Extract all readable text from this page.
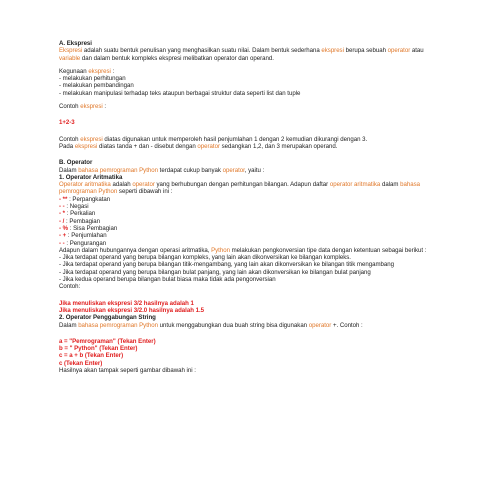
A. Ekspresi

Ekspresi adalah suatu bentuk penulisan yang menghasilkan suatu nilai. Dalam bentuk sederhana ekspresi berupa sebuah operator atau variable dan dalam bentuk kompleks ekspresi melibatkan operator dan operand.

Kegunaan ekspresi :

- melakukan perhitungan

- melakukan pembandingan

- melakukan manipulasi terhadap teks ataupun berbagai struktur data seperti list dan tuple

Contoh ekspresi :

1+2-3

Contoh ekspresi diatas digunakan untuk memperoleh hasil penjumlahan 1 dengan 2 kemudian dikurangi dengan 3.

Pada ekspresi diatas tanda + dan - disebut dengan operator sedangkan 1,2, dan 3 merupakan operand.

B. Operator

Dalam bahasa pemrograman Python terdapat cukup banyak operator, yaitu :

1. Operator Aritmatika

Operator aritmatika adalah operator yang berhubungan dengan perhitungan bilangan. Adapun daftar operator aritmatika dalam bahasa pemrograman Python seperti dibawah ini :

- ** : Perpangkatan

- - : Negasi

- * : Perkalian

- / : Pembagian

- % : Sisa Pembagian

- + : Penjumlahan

- - : Pengurangan

Adapun dalam hubungannya dengan operasi aritmatika, Python melakukan pengkonversian tipe data dengan ketentuan sebagai berikut :

- Jika terdapat operand yang berupa bilangan kompleks, yang lain akan dikonversikan ke bilangan kompleks.

- Jika terdapat operand yang berupa bilangan titik-mengambang, yang lain akan dikonversikan ke bilangan titik mengambang

- Jika terdapat operand yang berupa bilangan bulat panjang, yang lain akan dikonversikan ke bilangan bulat panjang

- Jika kedua operand berupa bilangan bulat biasa maka tidak ada pengonversian

Contoh:

Jika menuliskan ekspresi 3/2 hasilnya adalah 1

Jika menuliskan ekspresi 3/2.0 hasilnya adalah 1.5

2. Operator Penggabungan String

Dalam bahasa pemrograman Python untuk menggabungkan dua buah string bisa digunakan operator +. Contoh :

a = "Pemrograman" (Tekan Enter)

b = " Python" (Tekan Enter)

c = a + b (Tekan Enter)

c (Tekan Enter)

Hasilnya akan tampak seperti gambar dibawah ini :
